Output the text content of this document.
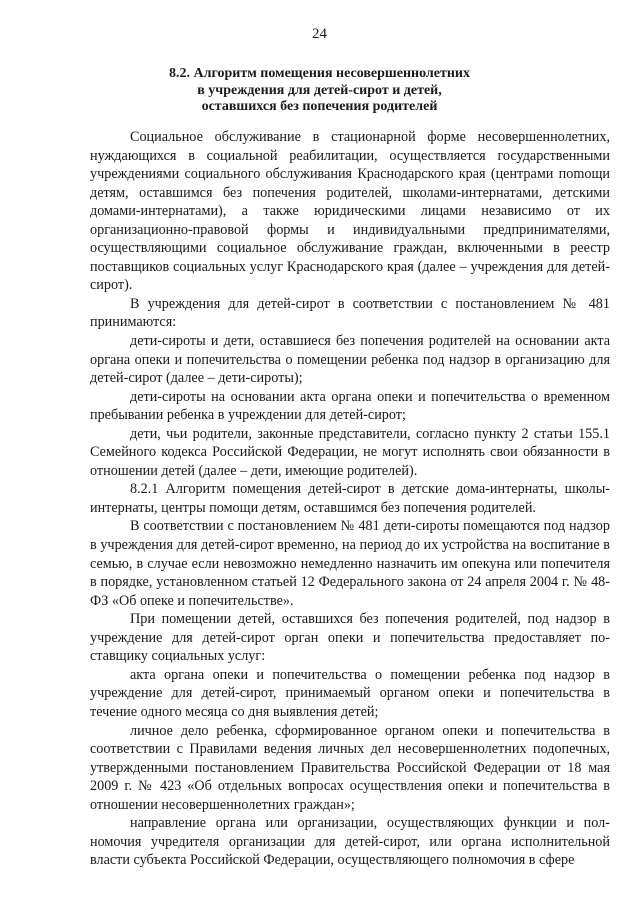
24
8.2. Алгоритм помещения несовершеннолетних
в учреждения для детей-сирот и детей,
оставшихся без попечения родителей

Социальное обслуживание в стационарной форме несовершеннолетних, нуждающихся в социальной реабилитации, осуществляется государственными учреждениями социального обслуживания Краснодарского края (центрами поmощи детям, оставшимся без попечения родителей, школами-интернатами, детскими домами-интернатами), а также юридическими лицами независимо от их организационно-правовой формы и индивидуальными предпринимателями, осуществляющими социальное обслуживание граждан, включенными в реестр поставщиков социальных услуг Краснодарского края (далее – учреждения для детей-сирот).

В учреждения для детей-сирот в соответствии с постановлением № 481 принимаются:

дети-сироты и дети, оставшиеся без попечения родителей на основании акта органа опеки и попечительства о помещении ребенка под надзор в организацию для детей-сирот (далее – дети-сироты);

дети-сироты на основании акта органа опеки и попечительства о временном пребывании ребенка в учреждении для детей-сирот;

дети, чьи родители, законные представители, согласно пункту 2 статьи 155.1 Семейного кодекса Российской Федерации, не могут исполнять свои обязанности в отношении детей (далее – дети, имеющие родителей).

8.2.1 Алгоритм помещения детей-сирот в детские дома-интернаты, школы-интернаты, центры помощи детям, оставшимся без попечения родителей.

В соответствии с постановлением № 481 дети-сироты помещаются под надзор в учреждения для детей-сирот временно, на период до их устройства на воспитание в семью, в случае если невозможно немедленно назначить им опекуна или попечителя в порядке, установленном статьей 12 Федерального закона от 24 апреля 2004 г. № 48-ФЗ «Об опеке и попечительстве».

При помещении детей, оставшихся без попечения родителей, под надзор в учреждение для детей-сирот орган опеки и попечительства предоставляет поставщику социальных услуг:

акта органа опеки и попечительства о помещении ребенка под надзор в учреждение для детей-сирот, принимаемый органом опеки и попечительства в течение одного месяца со дня выявления детей;

личное дело ребенка, сформированное органом опеки и попечительства в соответствии с Правилами ведения личных дел несовершеннолетних подопечных, утвержденными постановлением Правительства Российской Федерации от 18 мая 2009 г. № 423 «Об отдельных вопросах осуществления опеки и попечительства в отношении несовершеннолетних граждан»;

направление органа или организации, осуществляющих функции и полномочия учредителя организации для детей-сирот, или органа исполнительной власти субъекта Российской Федерации, осуществляющего полномочия в сфере
